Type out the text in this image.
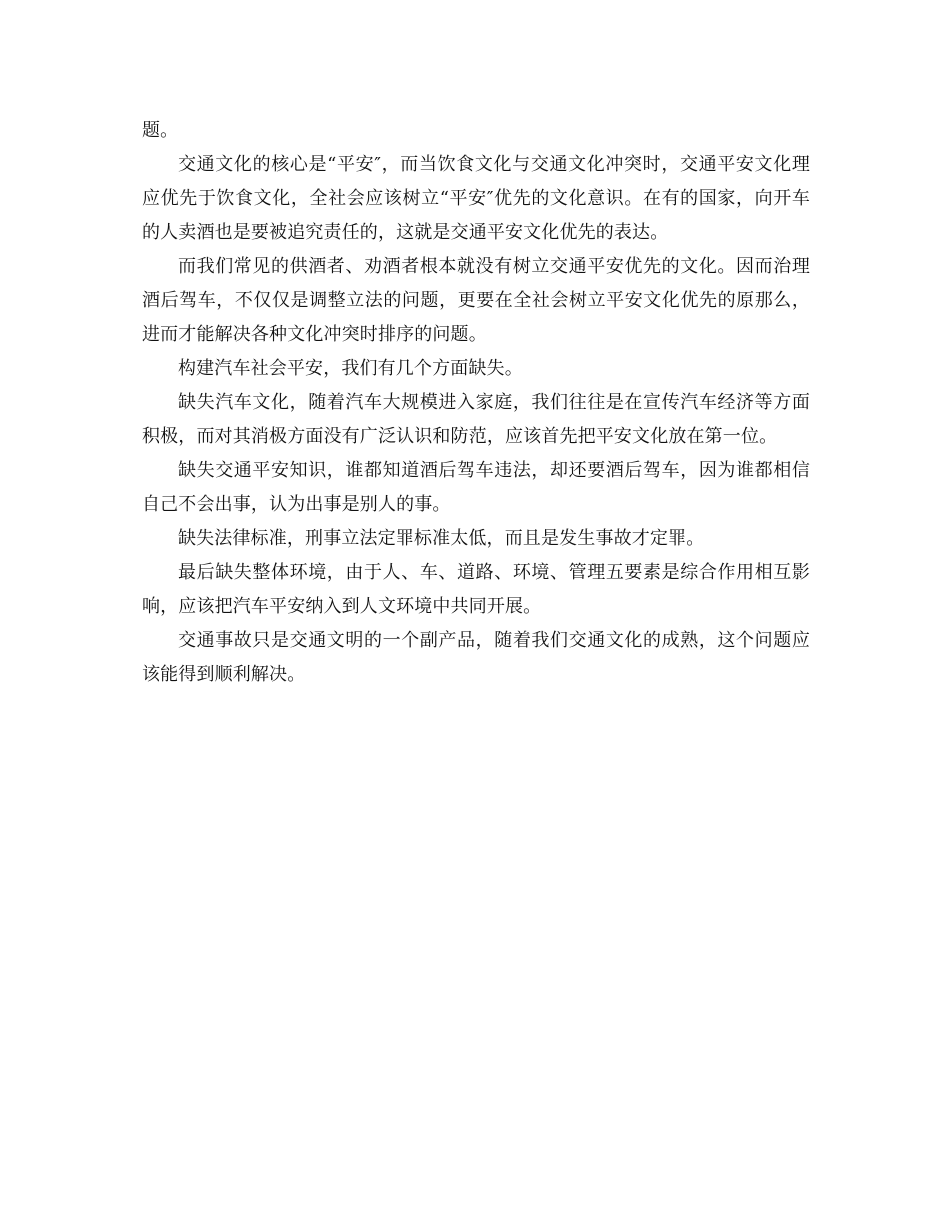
题。

交通文化的核心是“平安″，而当饮食文化与交通文化冲突时，交通平安文化理应优先于饮食文化，全社会应该树立“平安″优先的文化意识。在有的国家，向开车的人卖酒也是要被追究责任的，这就是交通平安文化优先的表达。

而我们常见的供酒者、劝酒者根本就没有树立交通平安优先的文化。因而治理酒后驾车，不仅仅是调整立法的问题，更要在全社会树立平安文化优先的原那么，进而才能解决各种文化冲突时排序的问题。

构建汽车社会平安，我们有几个方面缺失。

缺失汽车文化，随着汽车大规模进入家庭，我们往往是在宣传汽车经济等方面积极，而对其消极方面没有广泛认识和防范，应该首先把平安文化放在第一位。

缺失交通平安知识，谁都知道酒后驾车违法，却还要酒后驾车，因为谁都相信自己不会出事，认为出事是别人的事。

缺失法律标准，刑事立法定罪标准太低，而且是发生事故才定罪。

最后缺失整体环境，由于人、车、道路、环境、管理五要素是综合作用相互影响，应该把汽车平安纳入到人文环境中共同开展。

交通事故只是交通文明的一个副产品，随着我们交通文化的成熟，这个问题应该能得到顺利解决。
